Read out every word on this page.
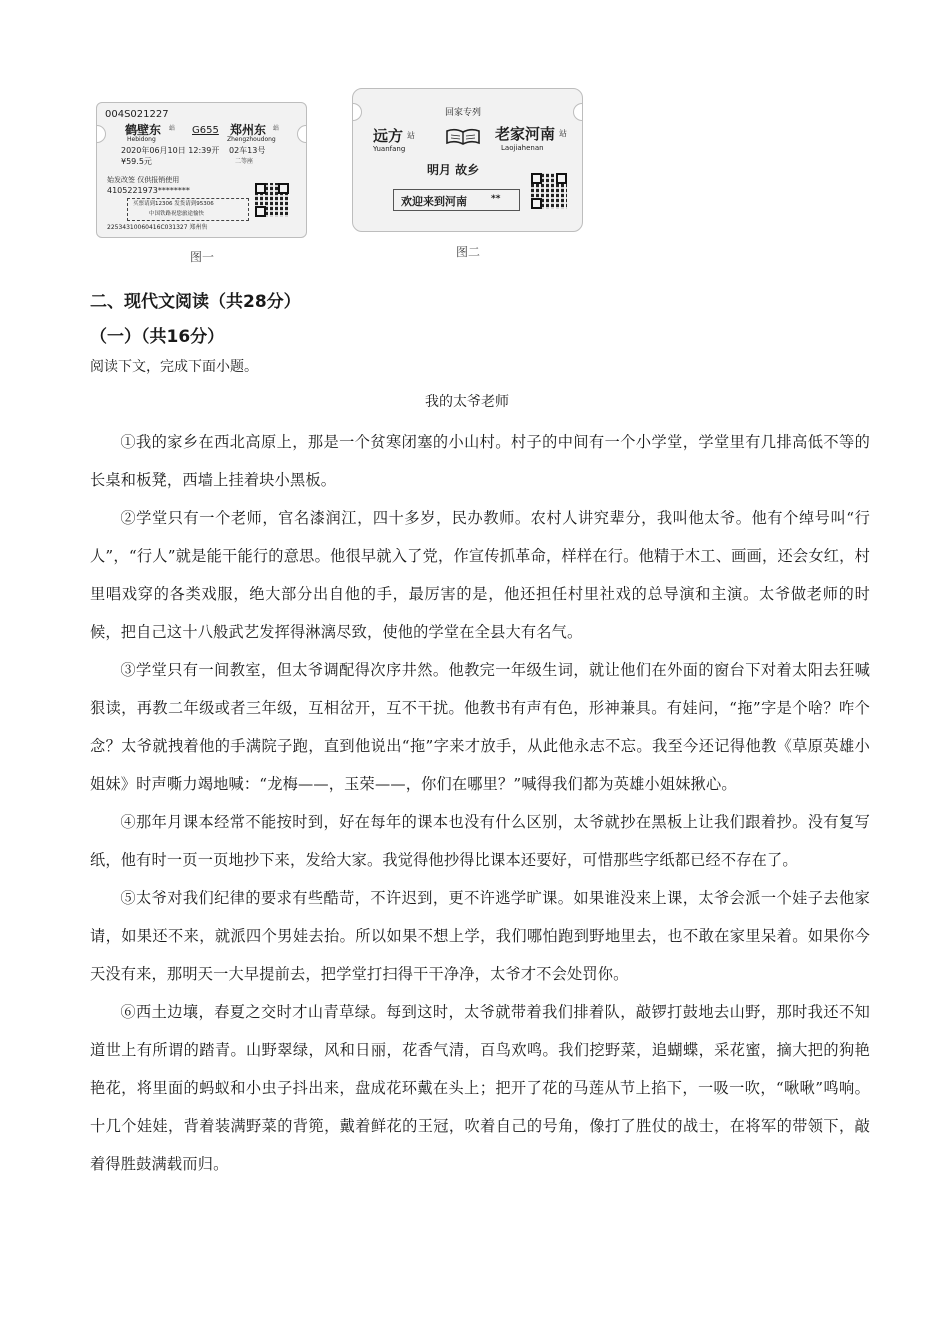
004S021227
鹤壁东 站
Hebidong
G655 郑州东 站
Zhengzhoudong
2020年06月10日 12:39开 02车13号
¥59.5元	二等座
始发改签 仅供报销使用
4105221973********
买票请到12306 发货请到95306
中国铁路祝您旅途愉快
22534310060416C031327 郑州售
图一
回家专列
远方 站
Yuanfang
老家河南 站
Laojiahenan
明月 故乡
欢迎来到河南	**
图二
二、现代文阅读（共28分）
（一）（共16分）
阅读下文，完成下面小题。
我的太爷老师

①我的家乡在西北高原上，那是一个贫寒闭塞的小山村。村子的中间有一个小学堂，学堂里有几排高低不等的长桌和板凳，西墙上挂着块小黑板。

②学堂只有一个老师，官名漆润江，四十多岁，民办教师。农村人讲究辈分，我叫他太爷。他有个绰号叫“行人”，“行人”就是能干能行的意思。他很早就入了党，作宣传抓革命，样样在行。他精于木工、画画，还会女红，村里唱戏穿的各类戏服，绝大部分出自他的手，最厉害的是，他还担任村里社戏的总导演和主演。太爷做老师的时候，把自己这十八般武艺发挥得淋漓尽致，使他的学堂在全县大有名气。

③学堂只有一间教室，但太爷调配得次序井然。他教完一年级生词，就让他们在外面的窗台下对着太阳去狂喊狠读，再教二年级或者三年级，互相岔开，互不干扰。他教书有声有色，形神兼具。有娃问，“拖”字是个啥？咋个念？太爷就拽着他的手满院子跑，直到他说出“拖”字来才放手，从此他永志不忘。我至今还记得他教《草原英雄小姐妹》时声嘶力竭地喊：“龙梅——，玉荣——，你们在哪里？”喊得我们都为英雄小姐妹揪心。

④那年月课本经常不能按时到，好在每年的课本也没有什么区别，太爷就抄在黑板上让我们跟着抄。没有复写纸，他有时一页一页地抄下来，发给大家。我觉得他抄得比课本还要好，可惜那些字纸都已经不存在了。

⑤太爷对我们纪律的要求有些酷苛，不许迟到，更不许逃学旷课。如果谁没来上课，太爷会派一个娃子去他家请，如果还不来，就派四个男娃去抬。所以如果不想上学，我们哪怕跑到野地里去，也不敢在家里呆着。如果你今天没有来，那明天一大早提前去，把学堂打扫得干干净净，太爷才不会处罚你。

⑥西土边壤，春夏之交时才山青草绿。每到这时，太爷就带着我们排着队，敲锣打鼓地去山野，那时我还不知道世上有所谓的踏青。山野翠绿，风和日丽，花香气清，百鸟欢鸣。我们挖野菜，追蝴蝶，采花蜜，摘大把的狗艳艳花，将里面的蚂蚁和小虫子抖出来，盘成花环戴在头上；把开了花的马莲从节上掐下，一吸一吹，“啾啾”鸣响。十几个娃娃，背着装满野菜的背篼，戴着鲜花的王冠，吹着自己的号角，像打了胜仗的战士，在将军的带领下，敲着得胜鼓满载而归。
